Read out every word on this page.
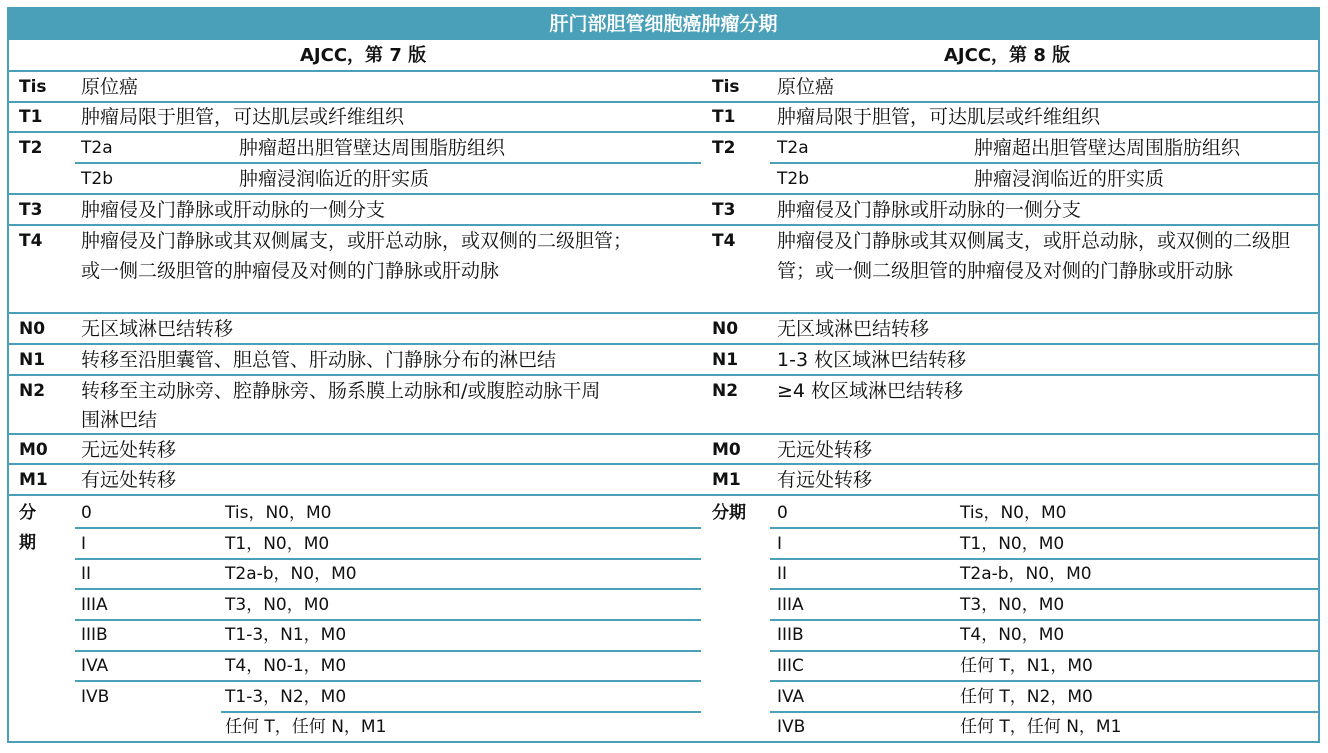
肝门部胆管细胞癌肿瘤分期
AJCC，第 7 版	AJCC，第 8 版
Tis 原位癌
T1 肿瘤局限于胆管，可达肌层或纤维组织
T2 T2a	肿瘤超出胆管壁达周围脂肪组织
T2b	肿瘤浸润临近的肝实质
T3 肿瘤侵及门静脉或肝动脉的一侧分支
T4 肿瘤侵及门静脉或其双侧属支，或肝总动脉，或双侧的二级胆管；
或一侧二级胆管的肿瘤侵及对侧的门静脉或肝动脉
N0 无区域淋巴结转移
N1 转移至沿胆囊管、胆总管、肝动脉、门静脉分布的淋巴结
N2 转移至主动脉旁、腔静脉旁、肠系膜上动脉和/或腹腔动脉干周
围淋巴结
M0 无远处转移
M1 有远处转移
分
期
0	Tis，N0，M0
I	T1，N0，M0
II	T2a-b，N0，M0
IIIA	T3，N0，M0
IIIB	T1-3，N1，M0
IVA	T4，N0-1，M0
IVB	T1-3，N2，M0
任何 T，任何 N，M1
Tis 原位癌
T1 肿瘤局限于胆管，可达肌层或纤维组织
T2 T2a	肿瘤超出胆管壁达周围脂肪组织
T2b	肿瘤浸润临近的肝实质
T3 肿瘤侵及门静脉或肝动脉的一侧分支
T4 肿瘤侵及门静脉或其双侧属支，或肝总动脉，或双侧的二级胆管；或一侧二级胆管的肿瘤侵及对侧的门静脉或肝动脉
N0 无区域淋巴结转移
N1 1-3 枚区域淋巴结转移
N2 ≥4 枚区域淋巴结转移
M0 无远处转移
M1 有远处转移
分期 0	Tis，N0，M0
I	T1，N0，M0
II	T2a-b，N0，M0
IIIA	T3，N0，M0
IIIB	T4，N0，M0
IIIC	任何 T，N1，M0
IVA	任何 T，N2，M0
IVB	任何 T，任何 N，M1
